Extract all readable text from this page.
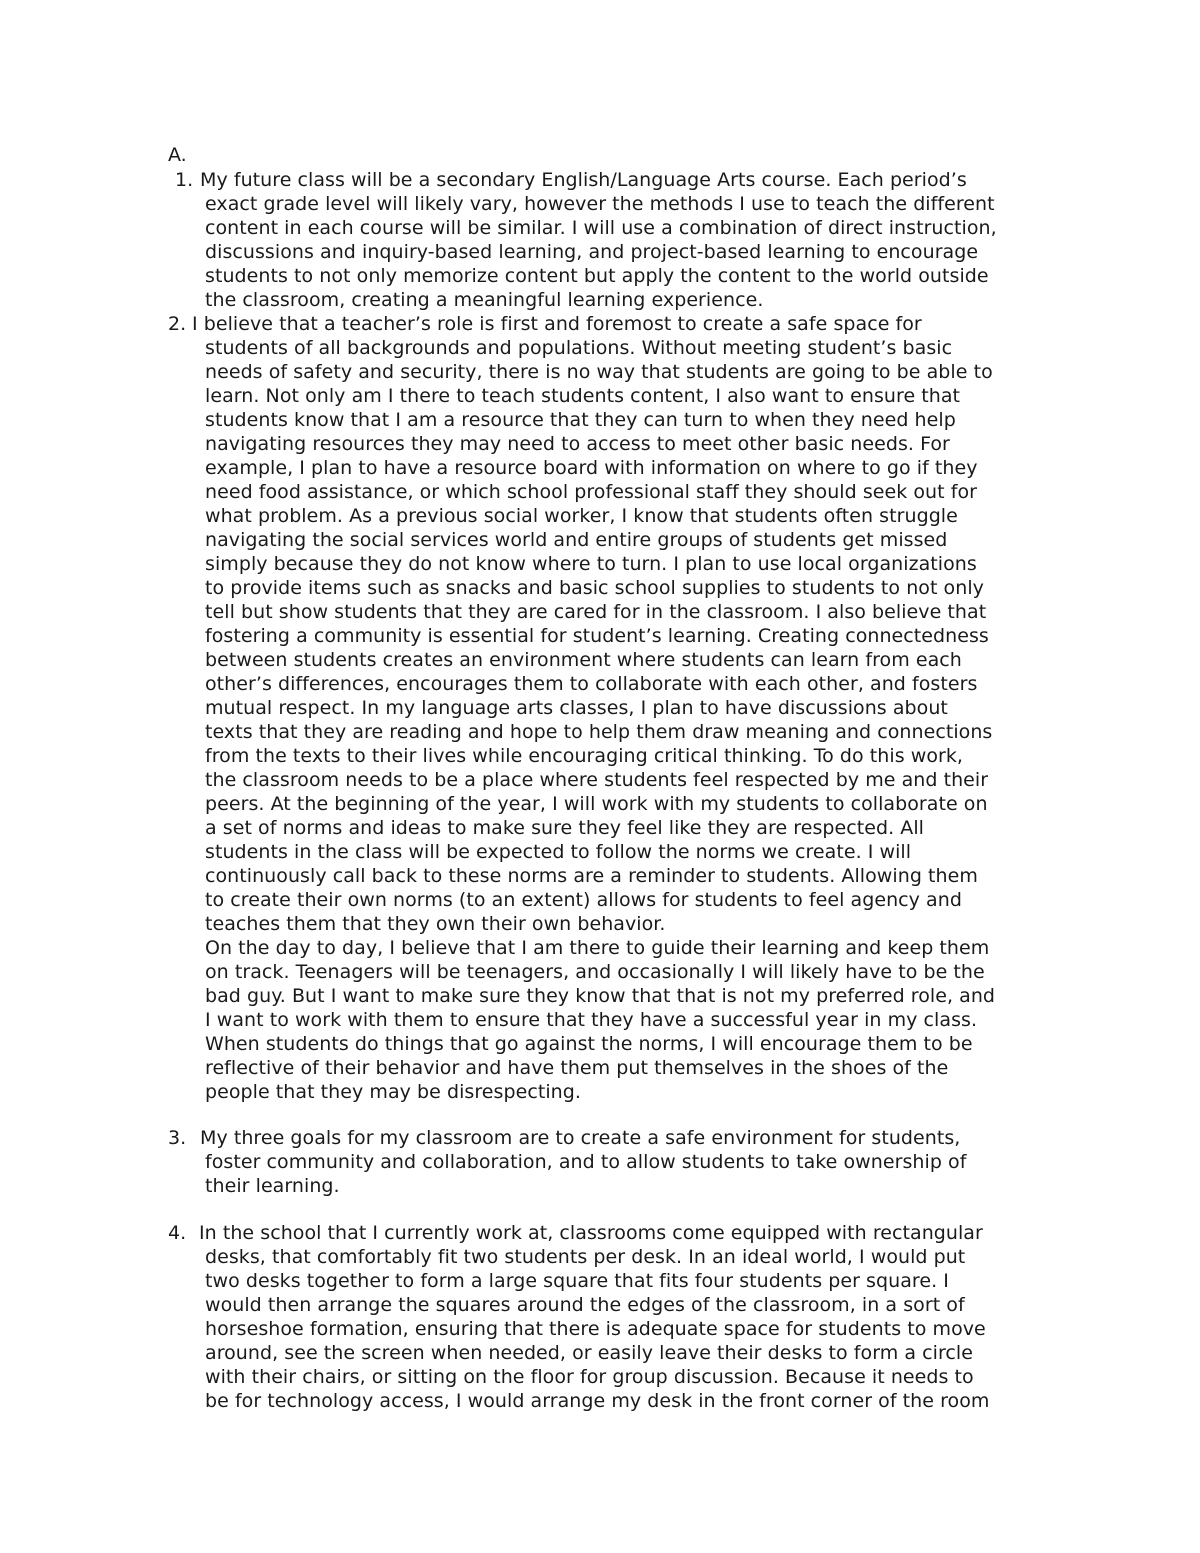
A.
1. My future class will be a secondary English/Language Arts course. Each period’s
exact grade level will likely vary, however the methods I use to teach the different
content in each course will be similar. I will use a combination of direct instruction,
discussions and inquiry-based learning, and project-based learning to encourage
students to not only memorize content but apply the content to the world outside
the classroom, creating a meaningful learning experience.
2. I believe that a teacher’s role is first and foremost to create a safe space for
students of all backgrounds and populations. Without meeting student’s basic
needs of safety and security, there is no way that students are going to be able to
learn. Not only am I there to teach students content, I also want to ensure that
students know that I am a resource that they can turn to when they need help
navigating resources they may need to access to meet other basic needs. For
example, I plan to have a resource board with information on where to go if they
need food assistance, or which school professional staff they should seek out for
what problem. As a previous social worker, I know that students often struggle
navigating the social services world and entire groups of students get missed
simply because they do not know where to turn. I plan to use local organizations
to provide items such as snacks and basic school supplies to students to not only
tell but show students that they are cared for in the classroom. I also believe that
fostering a community is essential for student’s learning. Creating connectedness
between students creates an environment where students can learn from each
other’s differences, encourages them to collaborate with each other, and fosters
mutual respect. In my language arts classes, I plan to have discussions about
texts that they are reading and hope to help them draw meaning and connections
from the texts to their lives while encouraging critical thinking. To do this work,
the classroom needs to be a place where students feel respected by me and their
peers. At the beginning of the year, I will work with my students to collaborate on
a set of norms and ideas to make sure they feel like they are respected. All
students in the class will be expected to follow the norms we create. I will
continuously call back to these norms are a reminder to students. Allowing them
to create their own norms (to an extent) allows for students to feel agency and
teaches them that they own their own behavior.
On the day to day, I believe that I am there to guide their learning and keep them
on track. Teenagers will be teenagers, and occasionally I will likely have to be the
bad guy. But I want to make sure they know that that is not my preferred role, and
I want to work with them to ensure that they have a successful year in my class.
When students do things that go against the norms, I will encourage them to be
reflective of their behavior and have them put themselves in the shoes of the
people that they may be disrespecting.
3. My three goals for my classroom are to create a safe environment for students,
foster community and collaboration, and to allow students to take ownership of
their learning.
4. In the school that I currently work at, classrooms come equipped with rectangular
desks, that comfortably fit two students per desk. In an ideal world, I would put
two desks together to form a large square that fits four students per square. I
would then arrange the squares around the edges of the classroom, in a sort of
horseshoe formation, ensuring that there is adequate space for students to move
around, see the screen when needed, or easily leave their desks to form a circle
with their chairs, or sitting on the floor for group discussion. Because it needs to
be for technology access, I would arrange my desk in the front corner of the room
